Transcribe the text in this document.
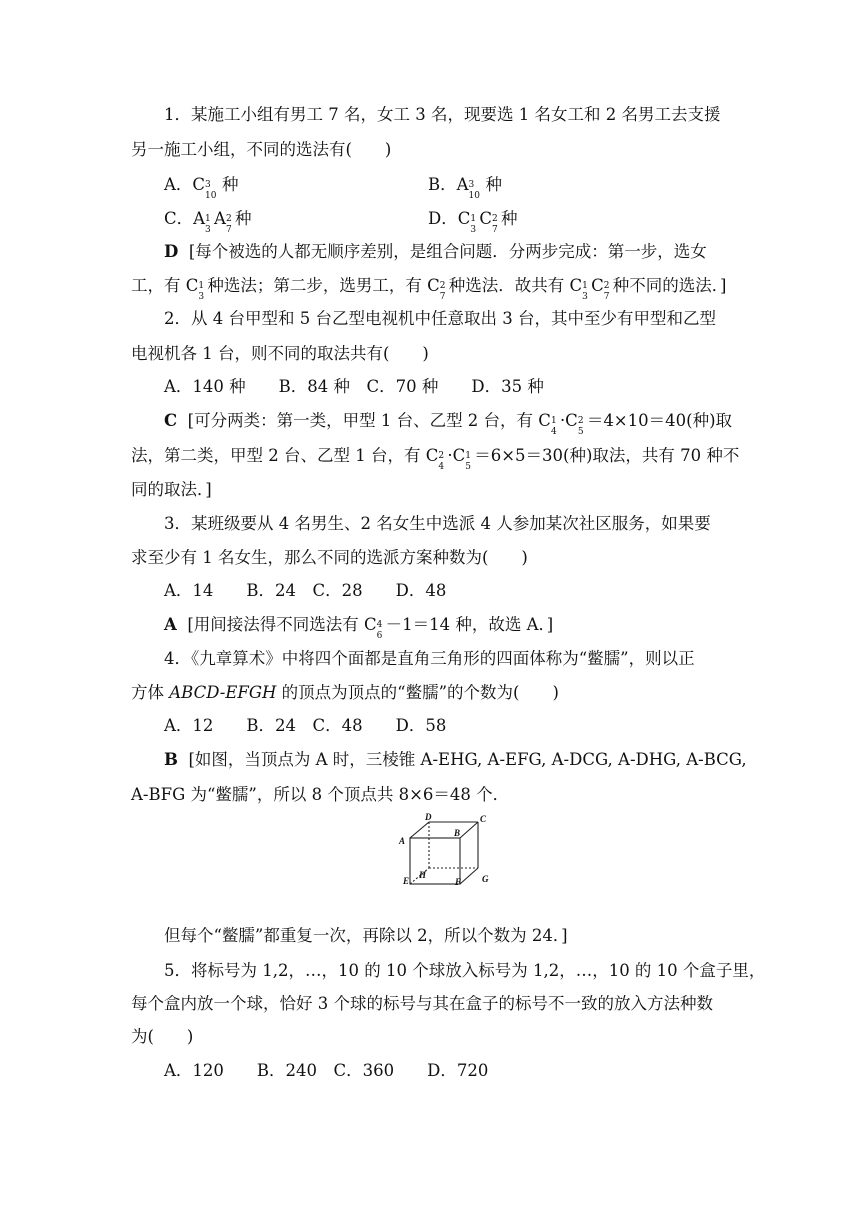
1．某施工小组有男工 7 名，女工 3 名，现要选 1 名女工和 2 名男工去支援
另一施工小组，不同的选法有(　　)
A．C 3
10
种	B．A 3
10
种
C．A 1
3
A 2
7
种	D．C 1
3
C 2
7
种
D [每个被选的人都无顺序差别，是组合问题．分两步完成：第一步，选女
工，有 C 1
3
种选法；第二步，选男工，有 C 2
7
种选法．故共有 C 1
3
C 2
7
种不同的选法．]
2．从 4 台甲型和 5 台乙型电视机中任意取出 3 台，其中至少有甲型和乙型
电视机各 1 台，则不同的取法共有(　　)
A．140 种　　B．84 种　C．70 种　　D．35 种
C [可分两类：第一类，甲型 1 台、乙型 2 台，有 C 1
4
·C 2
5
＝4×10＝40(种)取
法，第二类，甲型 2 台、乙型 1 台，有 C 2
4
·C 1
5
＝6×5＝30(种)取法，共有 70 种不
同的取法．]
3．某班级要从 4 名男生、2 名女生中选派 4 人参加某次社区服务，如果要
求至少有 1 名女生，那么不同的选派方案种数为(　　)
A．14　　B．24　C．28　　D．48
A [用间接法得不同选法有 C 4
6
－1＝14 种，故选 A．]
4．《九章算术》中将四个面都是直角三角形的四面体称为“鳖臑”，则以正
方体 ABCD-EFGH 的顶点为顶点的“鳖臑”的个数为(　　)
A．12　　B．24　C．48　　D．58
B [如图，当顶点为 A 时，三棱锥 A-EHG, A-EFG, A-DCG, A-DHG, A-BCG,
A-BFG 为“鳖臑”，所以 8 个顶点共 8×6＝48 个．
D
B
C
A
H	G
E	F
但每个“鳖臑”都重复一次，再除以 2，所以个数为 24．]
5．将标号为 1,2，…，10 的 10 个球放入标号为 1,2，…，10 的 10 个盒子里，
每个盒内放一个球，恰好 3 个球的标号与其在盒子的标号不一致的放入方法种数
为(　　)
A．120　　B．240　C．360　　D．720
